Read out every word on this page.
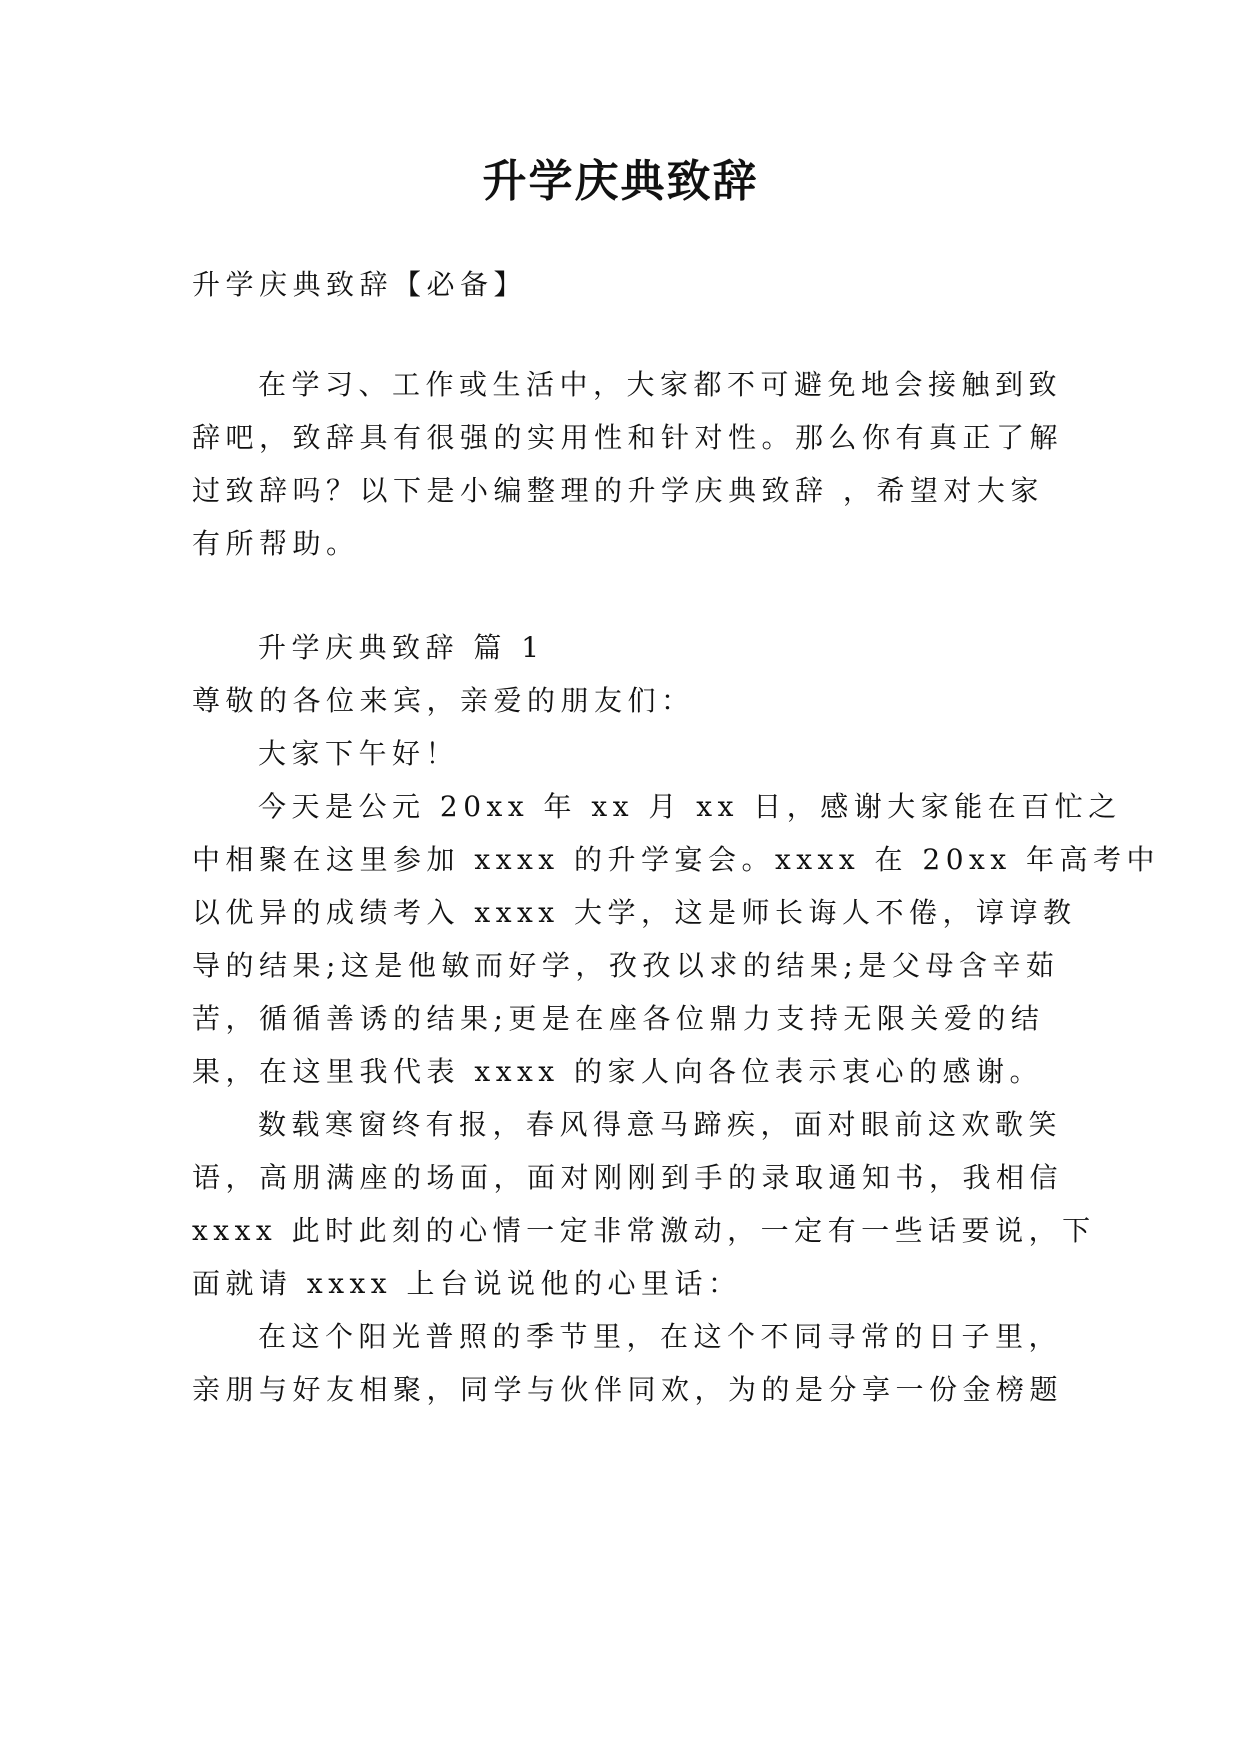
升学庆典致辞
升学庆典致辞【必备】
在学习、工作或生活中，大家都不可避免地会接触到致
辞吧，致辞具有很强的实用性和针对性。那么你有真正了解
过致辞吗？以下是小编整理的升学庆典致辞 ，希望对大家
有所帮助。
升学庆典致辞 篇 1
尊敬的各位来宾，亲爱的朋友们：
大家下午好！
今天是公元 20xx 年 xx 月 xx 日，感谢大家能在百忙之
中相聚在这里参加 xxxx 的升学宴会。xxxx 在 20xx 年高考中
以优异的成绩考入 xxxx 大学，这是师长诲人不倦，谆谆教
导的结果;这是他敏而好学，孜孜以求的结果;是父母含辛茹
苦，循循善诱的结果;更是在座各位鼎力支持无限关爱的结
果，在这里我代表 xxxx 的家人向各位表示衷心的感谢。
数载寒窗终有报，春风得意马蹄疾，面对眼前这欢歌笑
语，高朋满座的场面，面对刚刚到手的录取通知书，我相信
xxxx 此时此刻的心情一定非常激动，一定有一些话要说，下
面就请 xxxx 上台说说他的心里话：
在这个阳光普照的季节里，在这个不同寻常的日子里，
亲朋与好友相聚，同学与伙伴同欢，为的是分享一份金榜题
